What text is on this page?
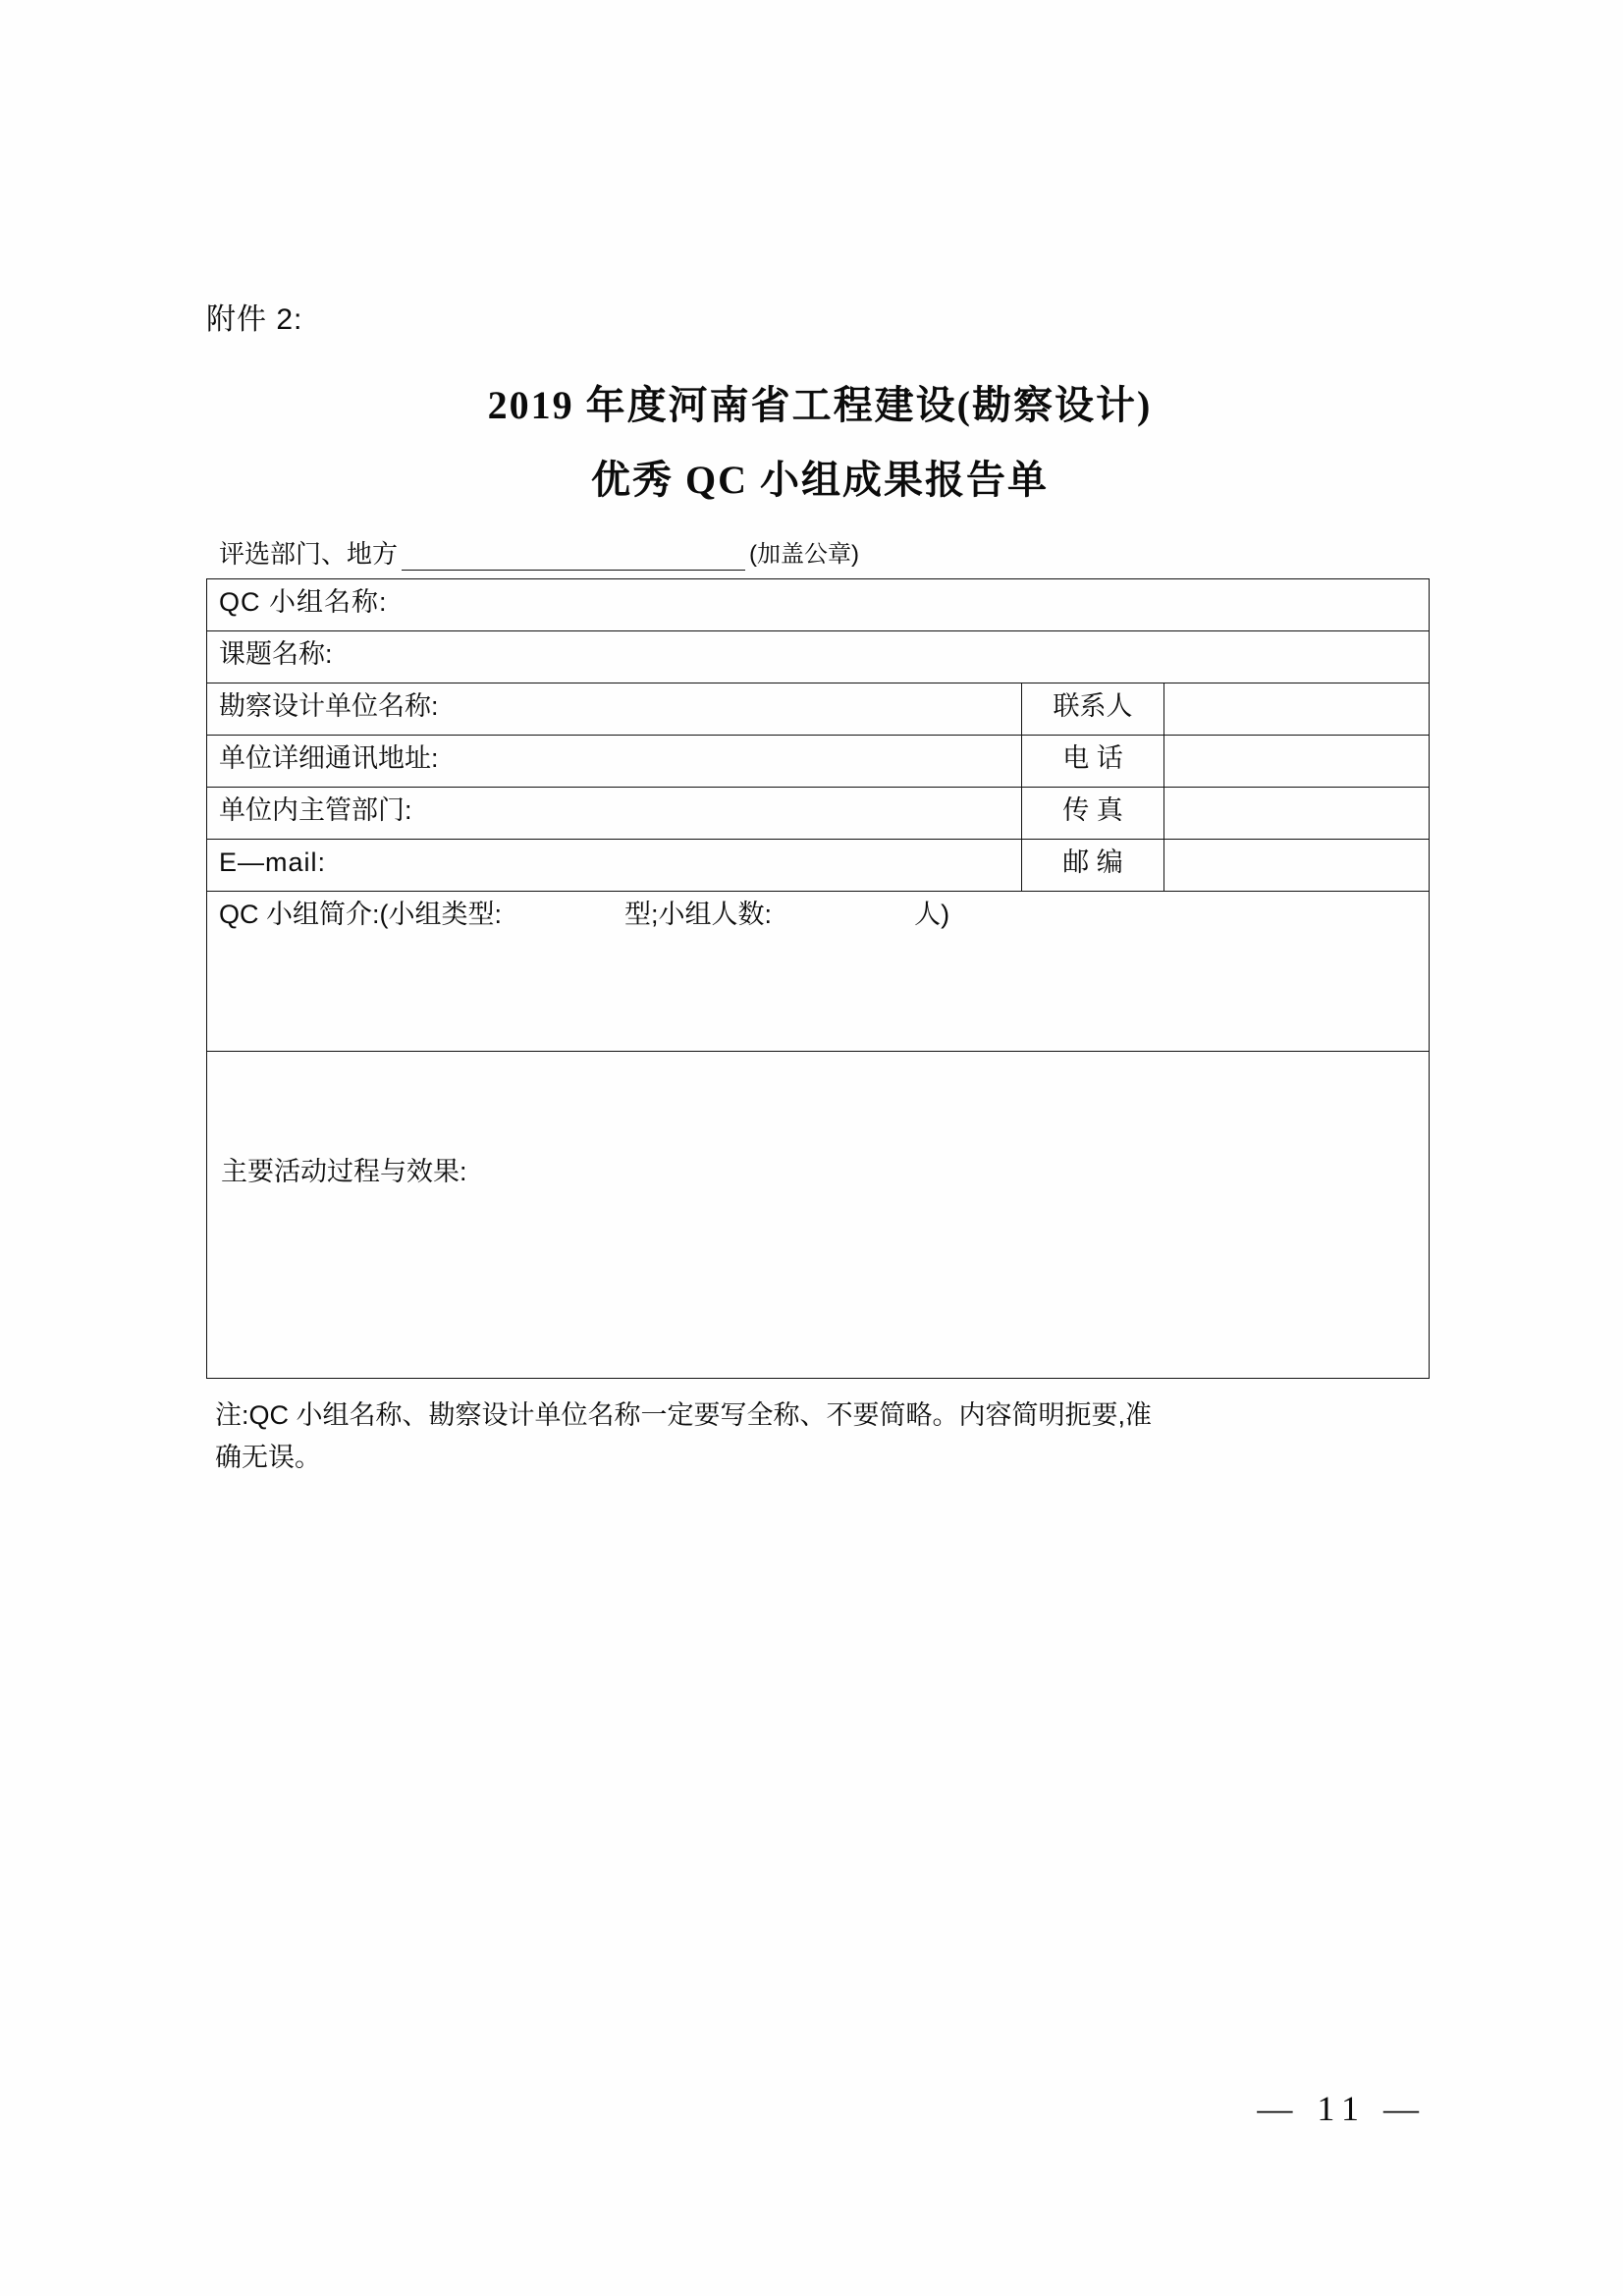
附件 2:
2019 年度河南省工程建设(勘察设计)
优秀 QC 小组成果报告单
评选部门、地方	(加盖公章)
QC 小组名称:		
课题名称:		
勘察设计单位名称:	联系人	
单位详细通讯地址:	电 话	
单位内主管部门:	传 真	
E—mail:	邮 编	
QC 小组简介:(小组类型: 型;小组人数: 人)		

主要活动过程与效果:		
注:QC 小组名称、勘察设计单位名称一定要写全称、不要简略。内容简明扼要,准
确无误。
— 11 —
